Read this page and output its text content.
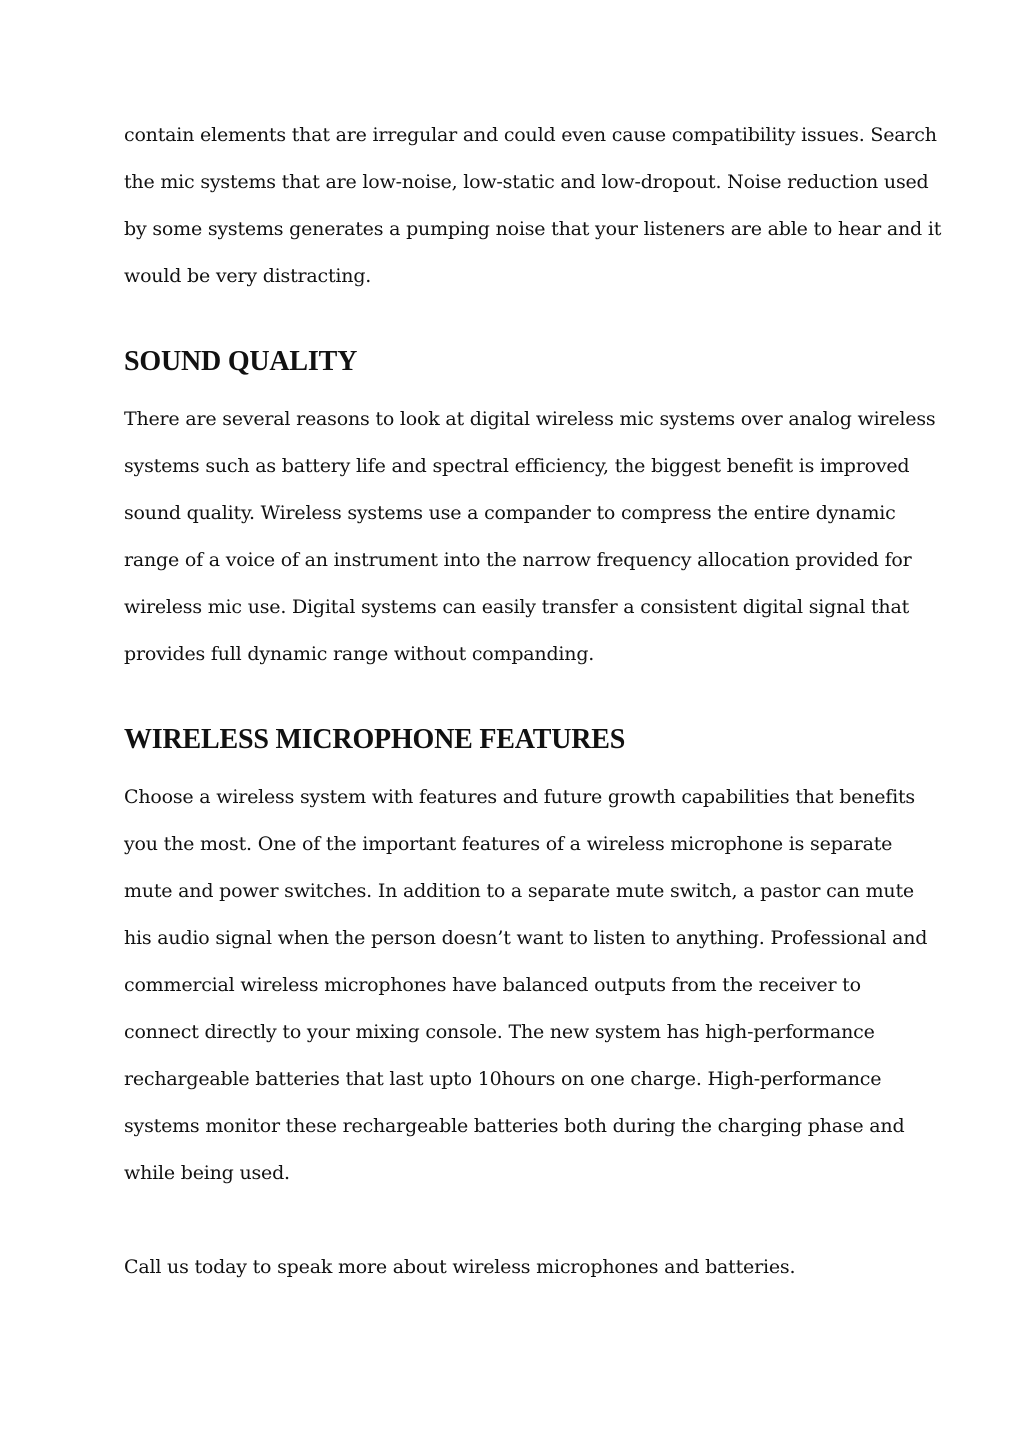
contain elements that are irregular and could even cause compatibility issues. Search
the mic systems that are low-noise, low-static and low-dropout. Noise reduction used
by some systems generates a pumping noise that your listeners are able to hear and it
would be very distracting.
SOUND QUALITY
There are several reasons to look at digital wireless mic systems over analog wireless
systems such as battery life and spectral efficiency, the biggest benefit is improved
sound quality. Wireless systems use a compander to compress the entire dynamic
range of a voice of an instrument into the narrow frequency allocation provided for
wireless mic use. Digital systems can easily transfer a consistent digital signal that
provides full dynamic range without companding.
WIRELESS MICROPHONE FEATURES
Choose a wireless system with features and future growth capabilities that benefits
you the most. One of the important features of a wireless microphone is separate
mute and power switches. In addition to a separate mute switch, a pastor can mute
his audio signal when the person doesn’t want to listen to anything. Professional and
commercial wireless microphones have balanced outputs from the receiver to
connect directly to your mixing console. The new system has high-performance
rechargeable batteries that last upto 10hours on one charge. High-performance
systems monitor these rechargeable batteries both during the charging phase and
while being used.
Call us today to speak more about wireless microphones and batteries.
